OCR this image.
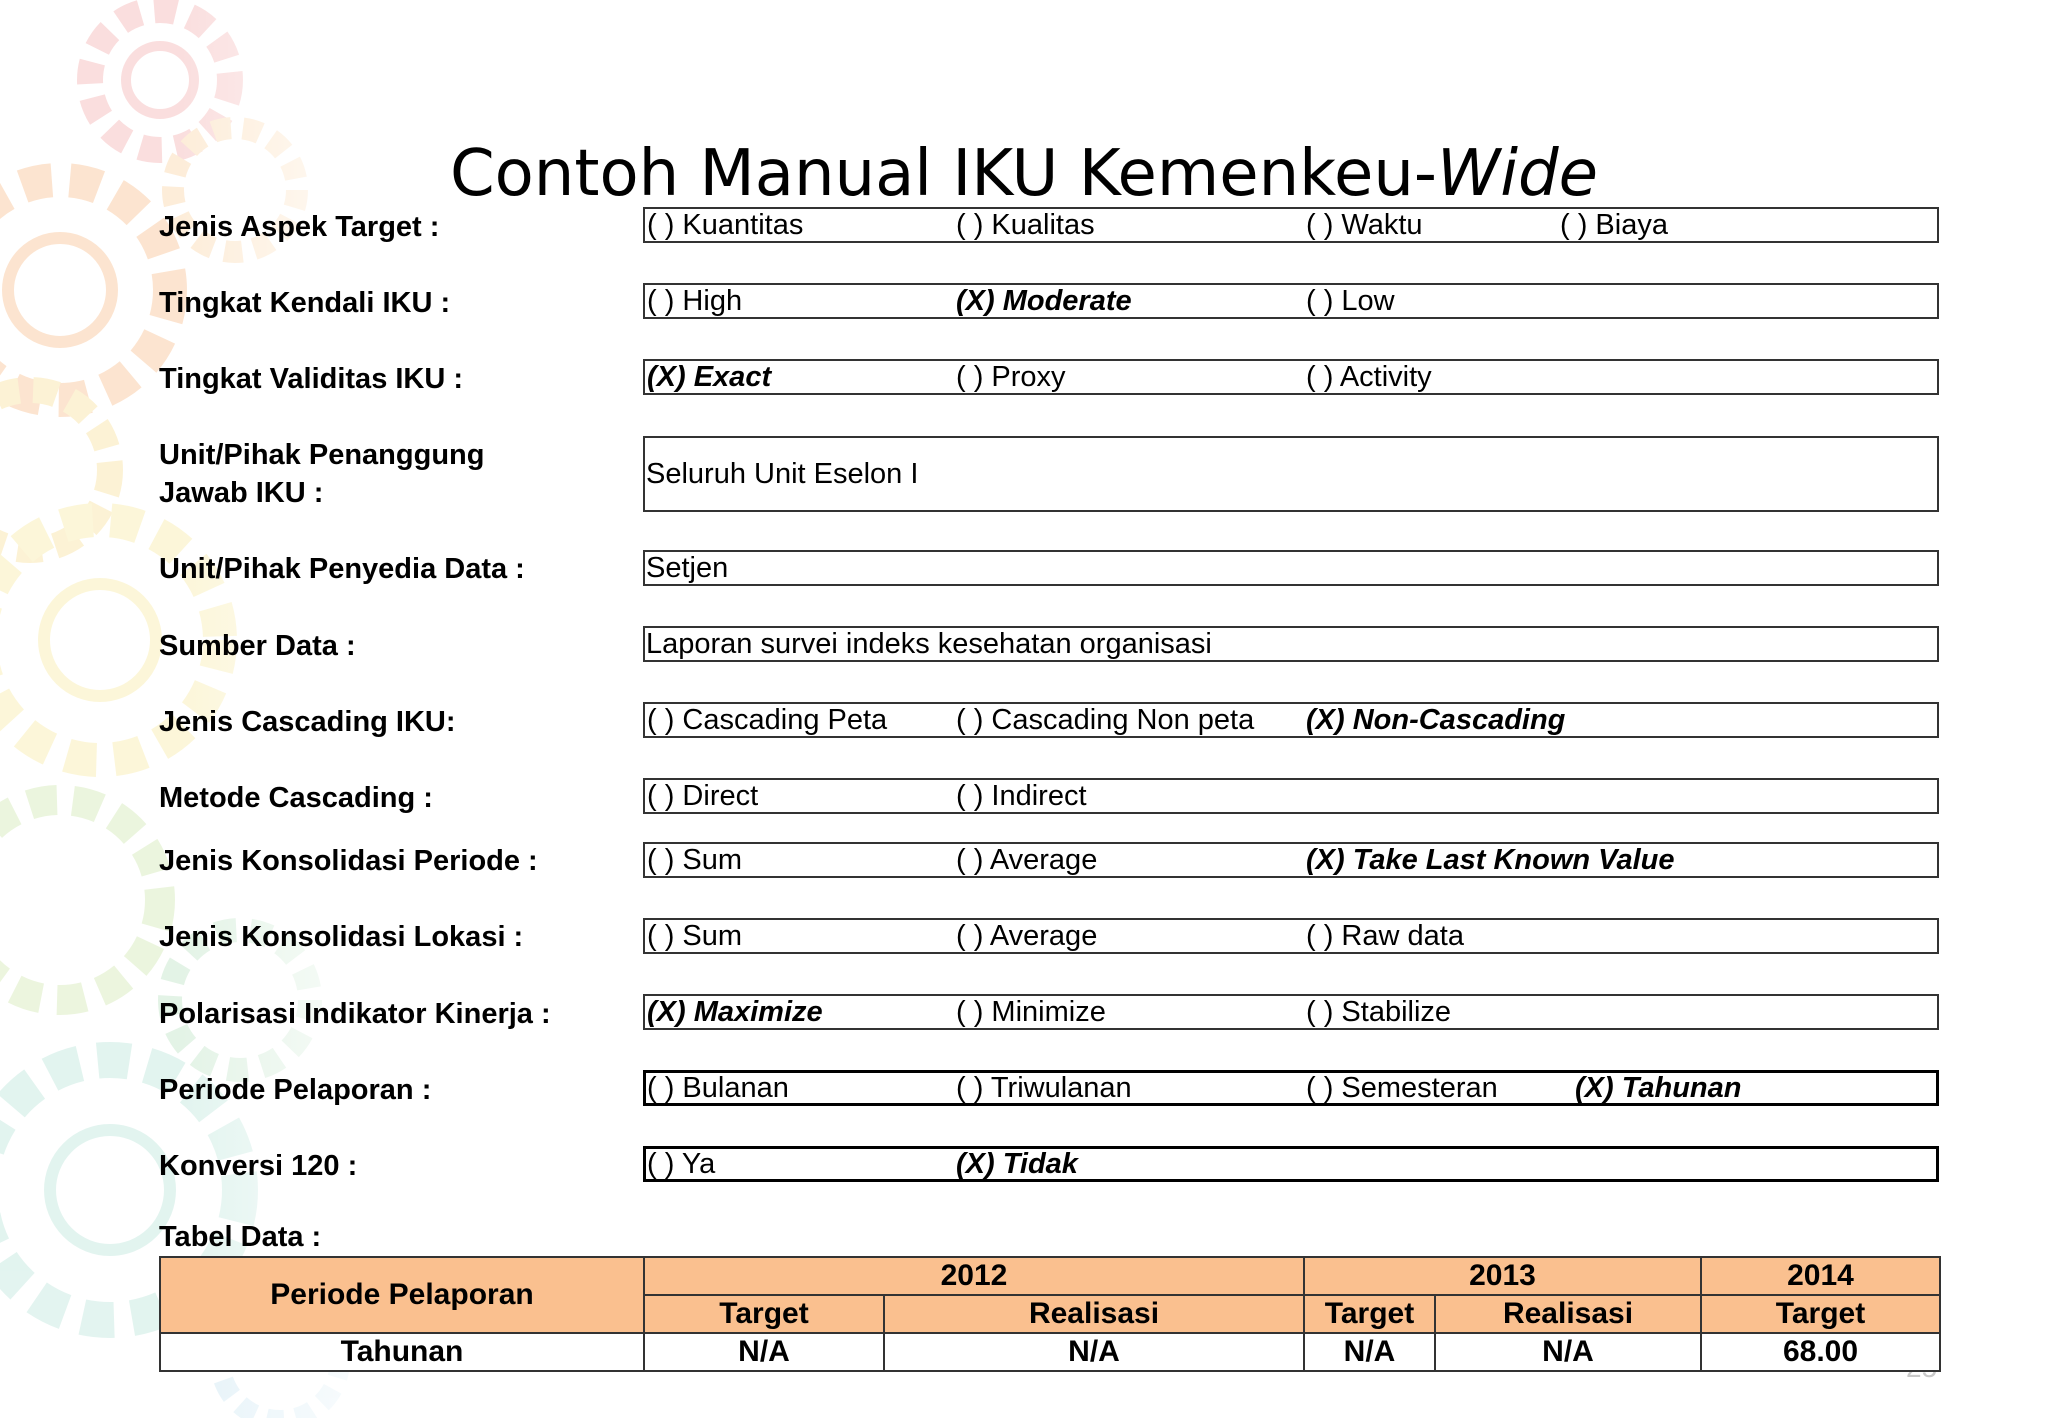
Contoh Manual IKU Kemenkeu-Wide
Jenis Aspek Target :	( ) Kuantitas	( ) Kualitas	( ) Waktu	( ) Biaya
Tingkat Kendali IKU :	( ) High	(X) Moderate	( ) Low
Tingkat Validitas IKU :	(X) Exact	( ) Proxy	( ) Activity
Unit/Pihak Penanggung
Jawab IKU :
Seluruh Unit Eselon I
Unit/Pihak Penyedia Data :	Setjen
Sumber Data :	Laporan survei indeks kesehatan organisasi
Jenis Cascading IKU:	( ) Cascading Peta ( ) Cascading Non peta (X) Non-Cascading
Metode Cascading :	( ) Direct	( ) Indirect
Jenis Konsolidasi Periode :	( ) Sum	( ) Average	(X) Take Last Known Value
Jenis Konsolidasi Lokasi :	( ) Sum	( ) Average	( ) Raw data
Polarisasi Indikator Kinerja :	(X) Maximize	( ) Minimize	( ) Stabilize
Periode Pelaporan :	( ) Bulanan	( ) Triwulanan	( ) Semesteran	(X) Tahunan
Konversi 120 :	( ) Ya	(X) Tidak
Tabel Data :
Periode Pelaporan	2012		2013		2014
	Target	Realisasi	Target	Realisasi	Target
Tahunan	N/A	N/A	N/A	N/A	68.00
